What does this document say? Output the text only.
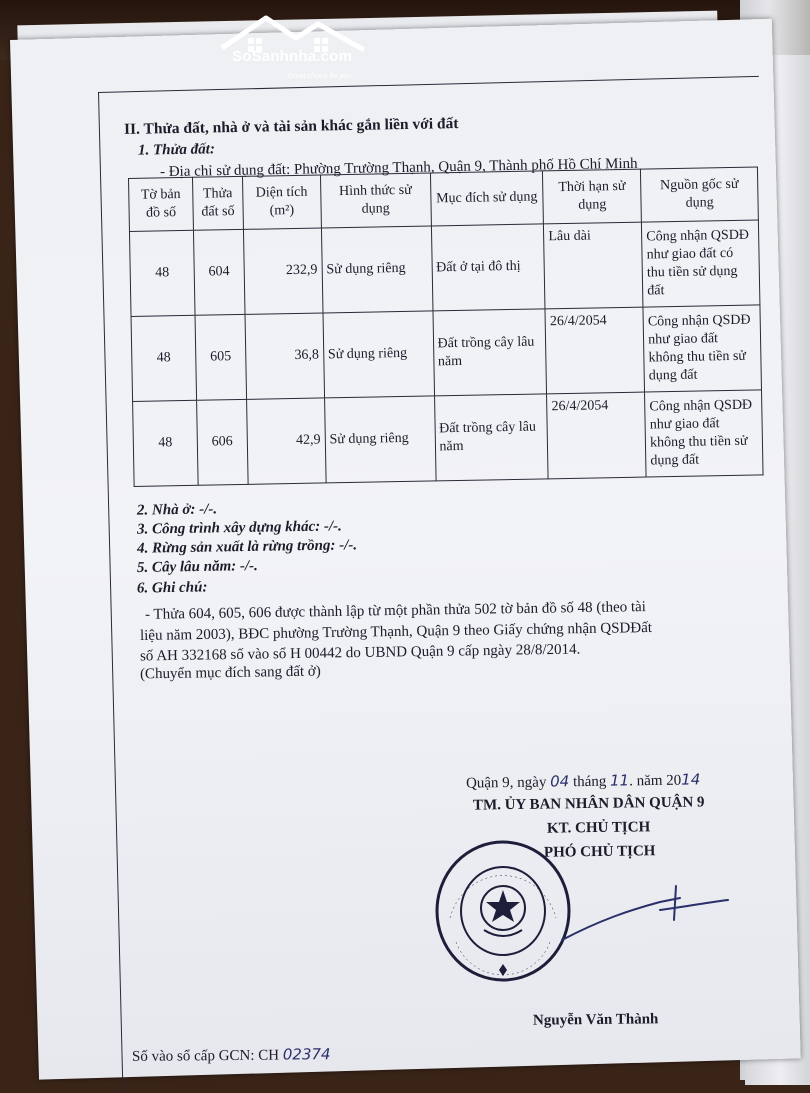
SoSanhnha.com
Great choice for you
II. Thửa đất, nhà ở và tài sản khác gắn liền với đất
1. Thửa đất:
- Địa chỉ sử dụng đất: Phường Trường Thạnh, Quận 9, Thành phố Hồ Chí Minh
Tờ bản đồ số	Thửa đất số	Diện tích (m²)	Hình thức sử dụng	Mục đích sử dụng	Thời hạn sử dụng	Nguồn gốc sử dụng
48	604	232,9	Sử dụng riêng	Đất ở tại đô thị	Lâu dài	Công nhận QSDĐ như giao đất có thu tiền sử dụng đất
48	605	36,8	Sử dụng riêng	Đất trồng cây lâu năm	26/4/2054	Công nhận QSDĐ như giao đất không thu tiền sử dụng đất
48	606	42,9	Sử dụng riêng	Đất trồng cây lâu năm	26/4/2054	Công nhận QSDĐ như giao đất không thu tiền sử dụng đất
2. Nhà ở: -/-.
3. Công trình xây dựng khác: -/-.
4. Rừng sản xuất là rừng trồng: -/-.
5. Cây lâu năm: -/-.
6. Ghi chú:
- Thửa 604, 605, 606 được thành lập từ một phần thửa 502 tờ bản đồ số 48 (theo tài
liệu năm 2003), BĐC phường Trường Thạnh, Quận 9 theo Giấy chứng nhận QSDĐất
số AH 332168 số vào sổ H 00442 do UBND Quận 9 cấp ngày 28/8/2014.
(Chuyển mục đích sang đất ở)
Quận 9, ngày 04 tháng 11. năm 2014
TM. ỦY BAN NHÂN DÂN QUẬN 9
KT. CHỦ TỊCH
PHÓ CHỦ TỊCH
Nguyễn Văn Thành
Số vào sổ cấp GCN: CH 02374
